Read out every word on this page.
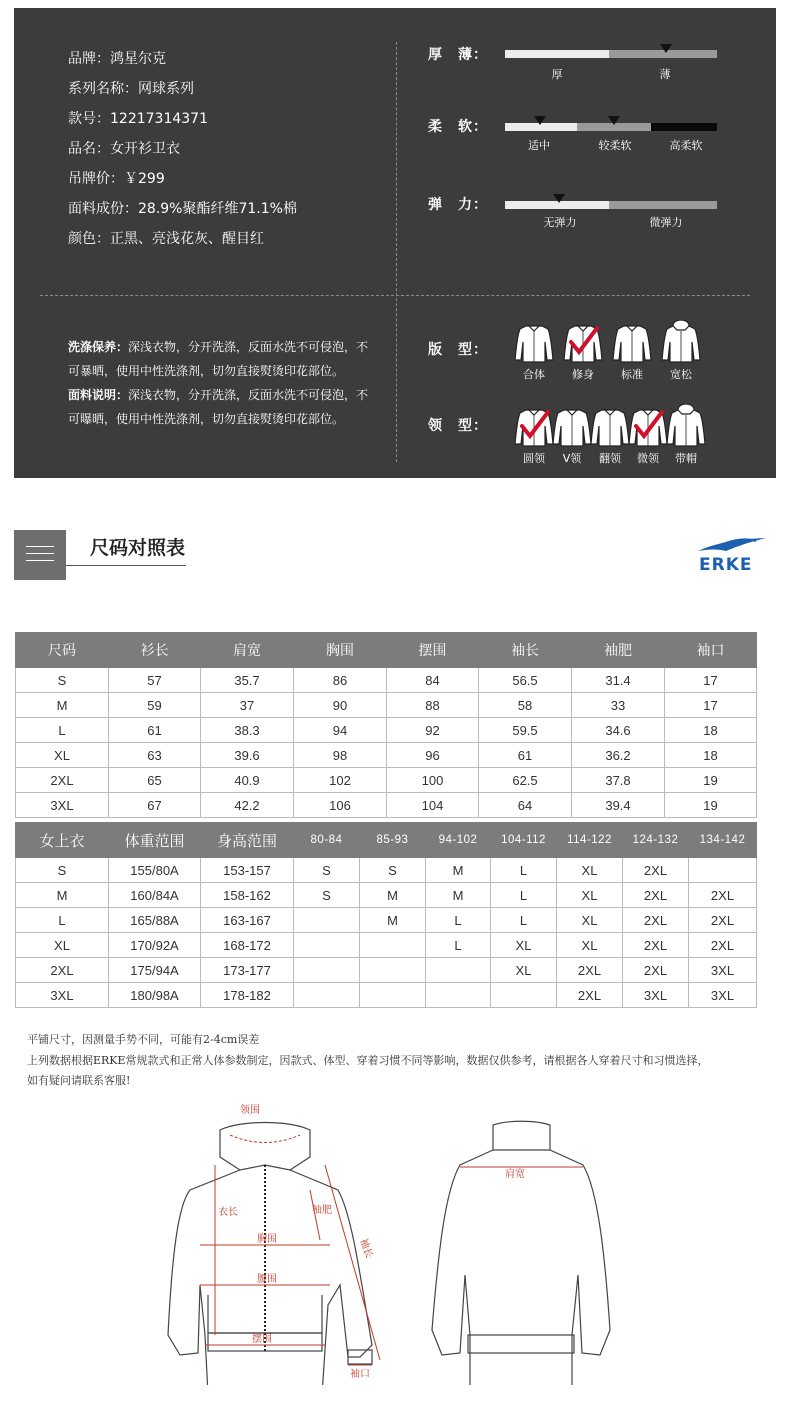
品牌：鸿星尔克
系列名称：网球系列
款号：12217314371
品名：女开衫卫衣
吊牌价：￥299
面料成份：28.9%聚酯纤维71.1%棉
颜色：正黑、亮浅花灰、醒目红
厚　薄：
厚	薄
柔　软：
适中	较柔软	高柔软
弹　力：
无弹力	微弹力
洗涤保养：深浅衣物，分开洗涤，反面水洗不可侵泡，不可暴晒，使用中性洗涤剂，切勿直接熨烫印花部位。
面料说明：深浅衣物，分开洗涤，反面水洗不可侵泡，不可曝晒，使用中性洗涤剂，切勿直接熨烫印花部位。
版　型：
合体	修身	标准	宽松
领　型：
圆领	V领	翻领	微领	带帽
尺码对照表
ERKE
尺码	衫长	肩宽	胸围	摆围	袖长	袖肥	袖口
S	57	35.7	86	84	56.5	31.4	17
M	59	37	90	88	58	33	17
L	61	38.3	94	92	59.5	34.6	18
XL	63	39.6	98	96	61	36.2	18
2XL	65	40.9	102	100	62.5	37.8	19
3XL	67	42.2	106	104	64	39.4	19
女上衣	体重范围	身高范围	80-84	85-93	94-102	104-112	114-122	124-132	134-142
S	155/80A	153-157	S	S	M	L	XL	2XL	
M	160/84A	158-162	S	M	M	L	XL	2XL	2XL
L	165/88A	163-167		M	L	L	XL	2XL	2XL
XL	170/92A	168-172			L	XL	XL	2XL	2XL
2XL	175/94A	173-177				XL	2XL	2XL	3XL
3XL	180/98A	178-182					2XL	3XL	3XL
平铺尺寸，因测量手势不同，可能有2-4cm误差
上列数据根据ERKE常规款式和正常人体参数制定，因款式、体型、穿着习惯不同等影响，数据仅供参考，请根据各人穿着尺寸和习惯选择，
如有疑问请联系客服!
领围
衣长
胸围
腰围
摆围
袖肥
袖长
袖口
肩宽
